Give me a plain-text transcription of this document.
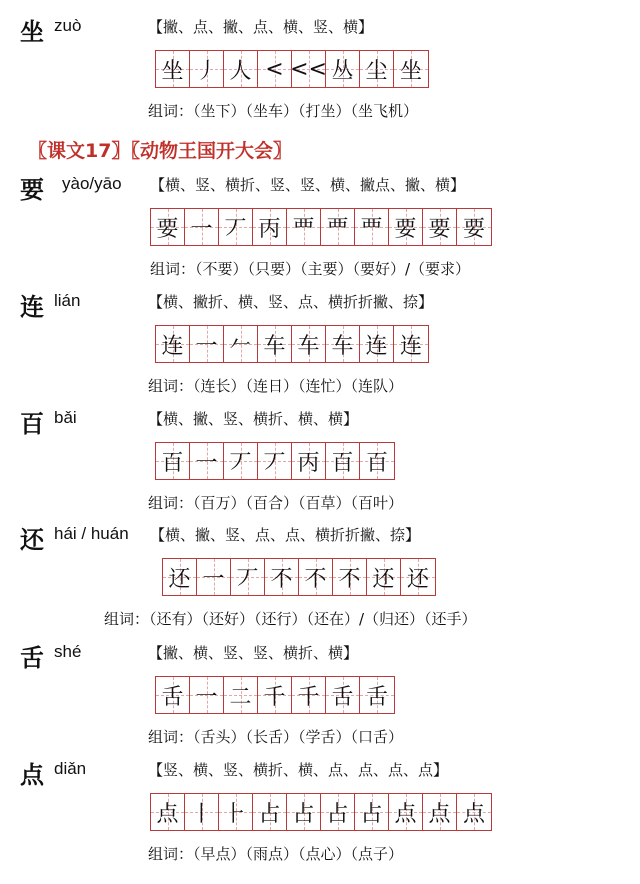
坐 zuò	【撇、点、撇、点、横、竖、横】
坐 丿 人 < << 丛 尘 坐
组词：（坐下）（坐车）（打坐）（坐飞机）
〖课文17〗〖动物王国开大会〗
要 yào/yāo 【横、竖、横折、竖、竖、横、撇点、撇、横】
要 一 丆 丙 覀 覀 覀 要 要 要
组词：（不要）（只要）（主要）（要好）/（要求）
连 lián	【横、撇折、横、竖、点、横折折撇、捺】
连 一 𠂉 车 车 车 连 连
组词：（连长）（连日）（连忙）（连队）
百 bǎi	【横、撇、竖、横折、横、横】
百 一 丆 丆 丙 百 百
组词：（百万）（百合）（百草）（百叶）
还 hái / huán 【横、撇、竖、点、点、横折折撇、捺】
还 一 丆 不 不 不 还 还
组词：（还有）（还好）（还行）（还在）/（归还）（还手）
舌 shé	【撇、横、竖、竖、横折、横】
舌 一 二 千 千 舌 舌
组词：（舌头）（长舌）（学舌）（口舌）
点 diǎn	【竖、横、竖、横折、横、点、点、点、点】
点 丨 ⺊ 占 占 占 占 点 点 点
组词：（早点）（雨点）（点心）（点子）
